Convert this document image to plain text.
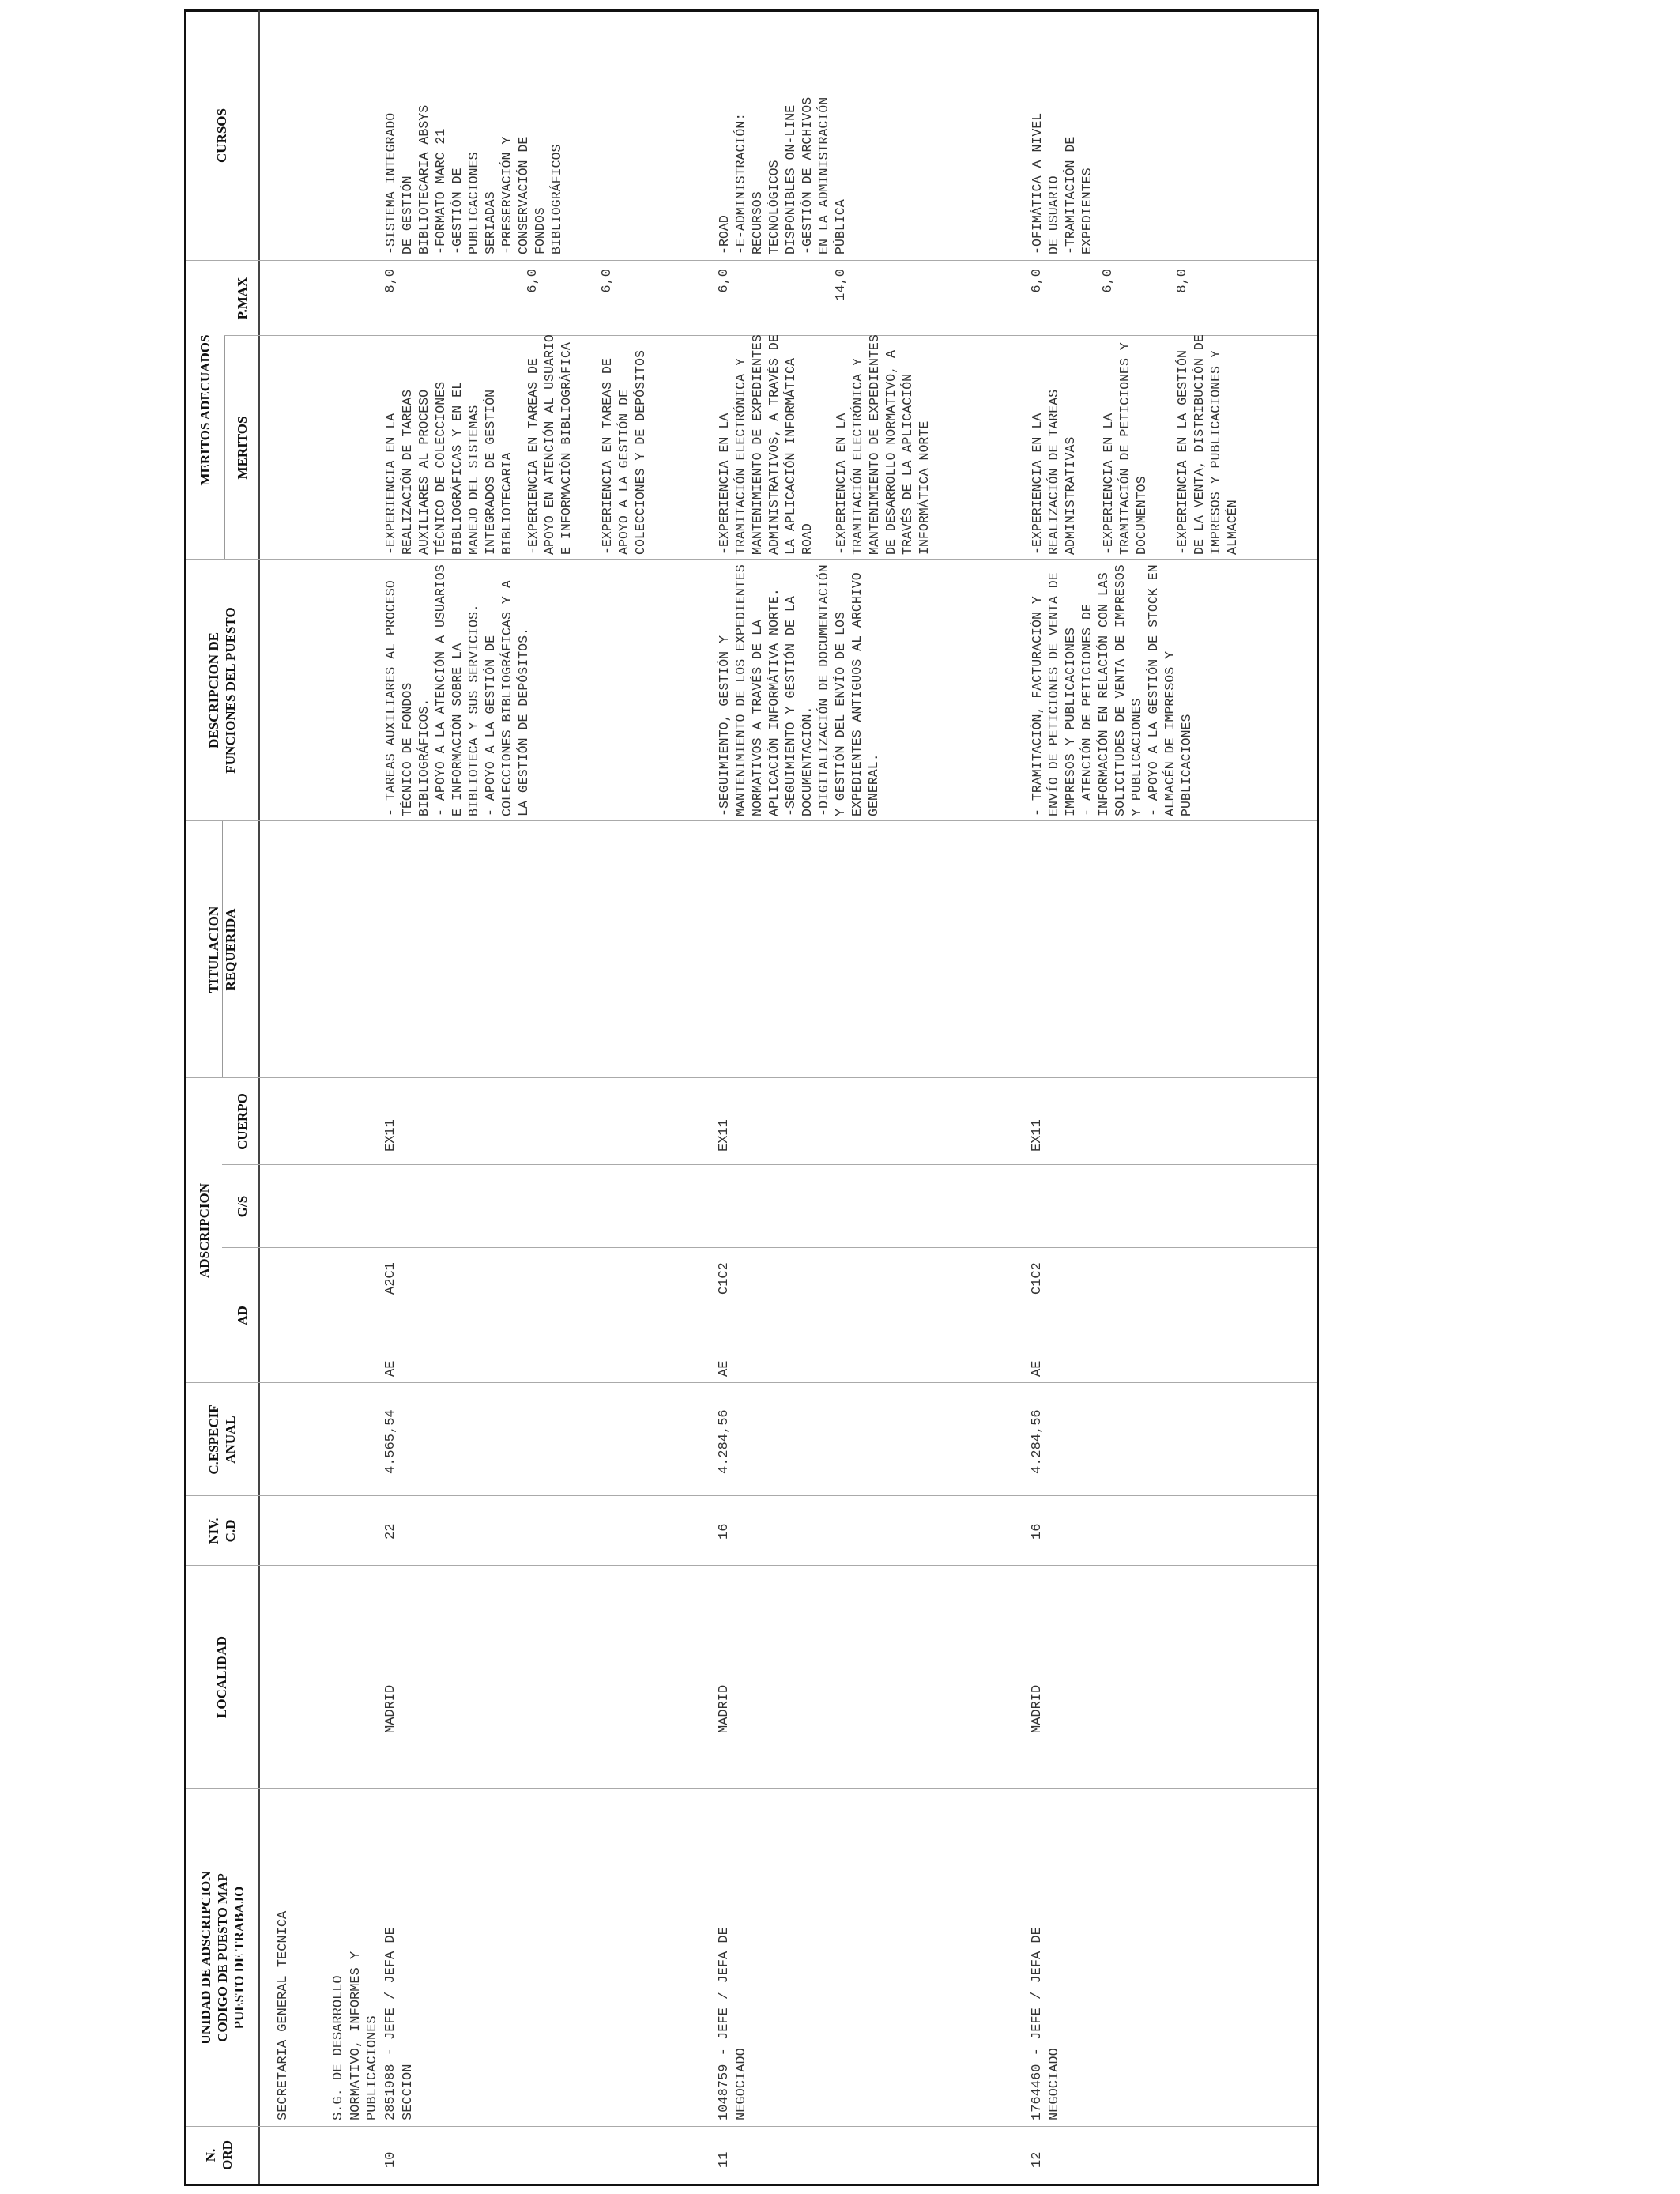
N.
ORD
UNIDAD DE ADSCRIPCION
CODIGO DE PUESTO MAP
PUESTO DE TRABAJO
LOCALIDAD
NIV.
C.D
C.ESPECIF
ANUAL
ADSCRIPCION
AD
G/S
CUERPO
TITULACION
REQUERIDA
DESCRIPCION DE
FUNCIONES DEL PUESTO
MERITOS ADECUADOS MERITOS
P.MAX
CURSOS
SECRETARIA GENERAL TECNICA	S.G. DE DESARROLLO
NORMATIVO, INFORMES Y
PUBLICACIONES
10
2851988 - JEFE / JEFA DE
SECCION
MADRID
22
4.565,54
AE
A2C1
EX11
- TAREAS AUXILIARES AL PROCESO
TÉCNICO DE FONDOS
BIBLIOGRÁFICOS.
- APOYO A LA ATENCIÓN A USUARIOS
E INFORMACIÓN SOBRE LA
BIBLIOTECA Y SUS SERVICIOS.
- APOYO A LA GESTIÓN DE
COLECCIONES BIBLIOGRÁFICAS Y A
LA GESTIÓN DE DEPÓSITOS.
-EXPERIENCIA EN LA
REALIZACIÓN DE TAREAS
AUXILIARES AL PROCESO
TÉCNICO DE COLECCIONES
BIBLIOGRÁFICAS Y EN EL
MANEJO DEL SISTEMAS
INTEGRADOS DE GESTIÓN
BIBLIOTECARIA
8,0
-EXPERIENCIA EN TAREAS DE
APOYO EN ATENCIÓN AL USUARIO
E INFORMACIÓN BIBLIOGRÁFICA
6,0
-EXPERIENCIA EN TAREAS DE
APOYO A LA GESTIÓN DE
COLECCIONES Y DE DEPÓSITOS
6,0
-SISTEMA INTEGRADO
DE GESTIÓN
BIBLIOTECARIA ABSYS
-FORMATO MARC 21
-GESTIÓN DE
PUBLICACIONES
SERIADAS
-PRESERVACIÓN Y
CONSERVACIÓN DE
FONDOS
BIBLIOGRÁFICOS
11
1048759 - JEFE / JEFA DE
NEGOCIADO
MADRID
16
4.284,56
AE
C1C2
EX11
-SEGUIMIENTO, GESTIÓN Y
MANTENIMIENTO DE LOS EXPEDIENTES
NORMATIVOS A TRAVÉS DE LA
APLICACIÓN INFORMÁTIVA NORTE.
-SEGUIMIENTO Y GESTIÓN DE LA
DOCUMENTACIÓN.
-DIGITALIZACIÓN DE DOCUMENTACIÓN
Y GESTIÓN DEL ENVÍO DE LOS
EXPEDIENTES ANTIGUOS AL ARCHIVO
GENERAL.
-EXPERIENCIA EN LA
TRAMITACIÓN ELECTRÓNICA Y
MANTENIMIENTO DE EXPEDIENTES
ADMINISTRATIVOS, A TRAVÉS DE
LA APLICACIÓN INFORMÁTICA
ROAD
6,0
-EXPERIENCIA EN LA
TRAMITACIÓN ELECTRÓNICA Y
MANTENIMIENTO DE EXPEDIENTES
DE DESARROLLO NORMATIVO, A
TRAVÉS DE LA APLICACIÓN
INFORMÁTICA NORTE
14,0
-ROAD
-E-ADMINISTRACIÓN:
RECURSOS
TECNOLÓGICOS
DISPONIBLES ON-LINE
-GESTIÓN DE ARCHIVOS
EN LA ADMINISTRACIÓN
PÚBLICA
12
1764460 - JEFE / JEFA DE
NEGOCIADO
MADRID
16
4.284,56
AE
C1C2
EX11
- TRAMITACIÓN, FACTURACIÓN Y
ENVÍO DE PETICIONES DE VENTA DE
IMPRESOS Y PUBLICACIONES
- ATENCIÓN DE PETICIONES DE
INFORMACIÓN EN RELACIÓN CON LAS
SOLICITUDES DE VENTA DE IMPRESOS
Y PUBLICACIONES
- APOYO A LA GESTIÓN DE STOCK EN
ALMACÉN DE IMPRESOS Y
PUBLICACIONES
-EXPERIENCIA EN LA
REALIZACIÓN DE TAREAS
ADMINISTRATIVAS
6,0
-EXPERIENCIA EN LA
TRAMITACIÓN DE PETICIONES Y
DOCUMENTOS
6,0
-EXPERIENCIA EN LA GESTIÓN
DE LA VENTA, DISTRIBUCIÓN DE
IMPRESOS Y PUBLICACIONES Y
ALMACÉN
8,0
-OFIMÁTICA A NIVEL
DE USUARIO
-TRAMITACIÓN DE
EXPEDIENTES
